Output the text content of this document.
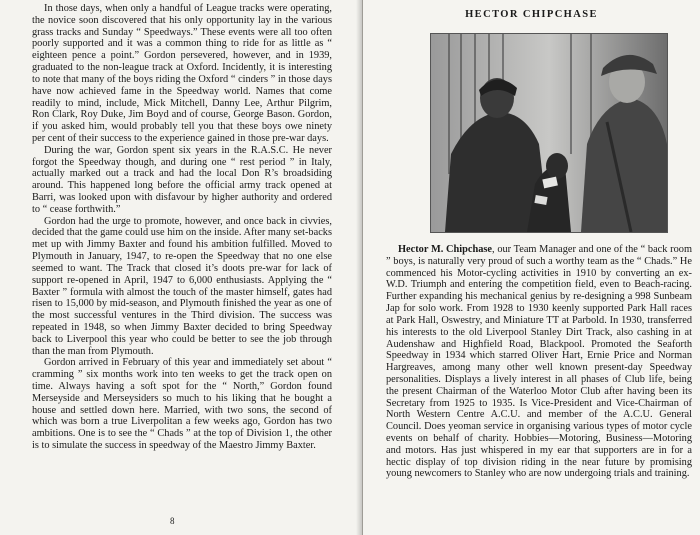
In those days, when only a handful of League tracks were operating, the novice soon discovered that his only opportunity lay in the various grass tracks and Sunday “ Speedways.” These events were all too often poorly supported and it was a common thing to ride for as little as “ eighteen pence a point.” Gordon persevered, however, and in 1939, graduated to the non-league track at Oxford. Incidently, it is interesting to note that many of the boys riding the Oxford “ cinders ” in those days have now achieved fame in the Speedway world. Names that come readily to mind, include, Mick Mitchell, Danny Lee, Arthur Pilgrim, Ron Clark, Roy Duke, Jim Boyd and of course, George Bason. Gordon, if you asked him, would probably tell you that these boys owe ninety per cent of their success to the experience gained in those pre-war days.

During the war, Gordon spent six years in the R.A.S.C. He never forgot the Speedway though, and during one “ rest period ” in Italy, actually marked out a track and had the local Don R’s broadsiding around. This happened long before the official army track opened at Barri, was looked upon with disfavour by higher authority and ordered to “ cease forthwith.”

Gordon had the urge to promote, however, and once back in civvies, decided that the game could use him on the inside. After many set-backs met up with Jimmy Baxter and found his ambition fulfilled. Moved to Plymouth in January, 1947, to re-open the Speedway that no one else seemed to want. The Track that closed it’s doots pre-war for lack of support re-opened in April, 1947 to 6,000 enthusiasts. Applying the “ Baxter ” formula with almost the touch of the master himself, gates had risen to 15,000 by mid-season, and Plymouth finished the year as one of the most successful ventures in the Third division. The success was repeated in 1948, so when Jimmy Baxter decided to bring Speedway back to Liverpool this year who could be better to see the job through than the man from Plymouth.

Gordon arrived in February of this year and immediately set about “ cramming ” six months work into ten weeks to get the track open on time. Always having a soft spot for the “ North,” Gordon found Merseyside and Merseysiders so much to his liking that he bought a house and settled down here. Married, with two sons, the second of which was born a true Liverpolitan a few weeks ago, Gordon has two ambitions. One is to see the “ Chads ” at the top of Division 1, the other is to simulate the success in speedway of the Maestro Jimmy Baxter.

8
HECTOR CHIPCHASE

Hector M. Chipchase, our Team Manager and one of the “ back room ” boys, is naturally very proud of such a worthy team as the “ Chads.” He commenced his Motor-cycling activities in 1910 by converting an ex-W.D. Triumph and entering the competition field, even to Beach-racing. Further expanding his mechanical genius by re-designing a 998 Sunbeam Jap for solo work. From 1928 to 1930 keenly supported Park Hall races at Park Hall, Oswestry, and Miniature TT at Parbold. In 1930, transferred his interests to the old Liverpool Stanley Dirt Track, also cashing in at Audenshaw and Highfield Road, Blackpool. Promoted the Seaforth Speedway in 1934 which starred Oliver Hart, Ernie Price and Norman Hargreaves, among many other well known present-day Speedway personalities. Displays a lively interest in all phases of Club life, being the present Chairman of the Waterloo Motor Club after having been its Secretary from 1925 to 1935. Is Vice-President and Vice-Chairman of North Western Centre A.C.U. and member of the A.C.U. General Council. Does yeoman service in organising various types of motor cycle events on behalf of charity. Hobbies—Motoring, Business—Motoring and motors. Has just whispered in my ear that supporters are in for a hectic display of top division riding in the near future by promising young newcomers to Stanley who are now undergoing trials and training.
